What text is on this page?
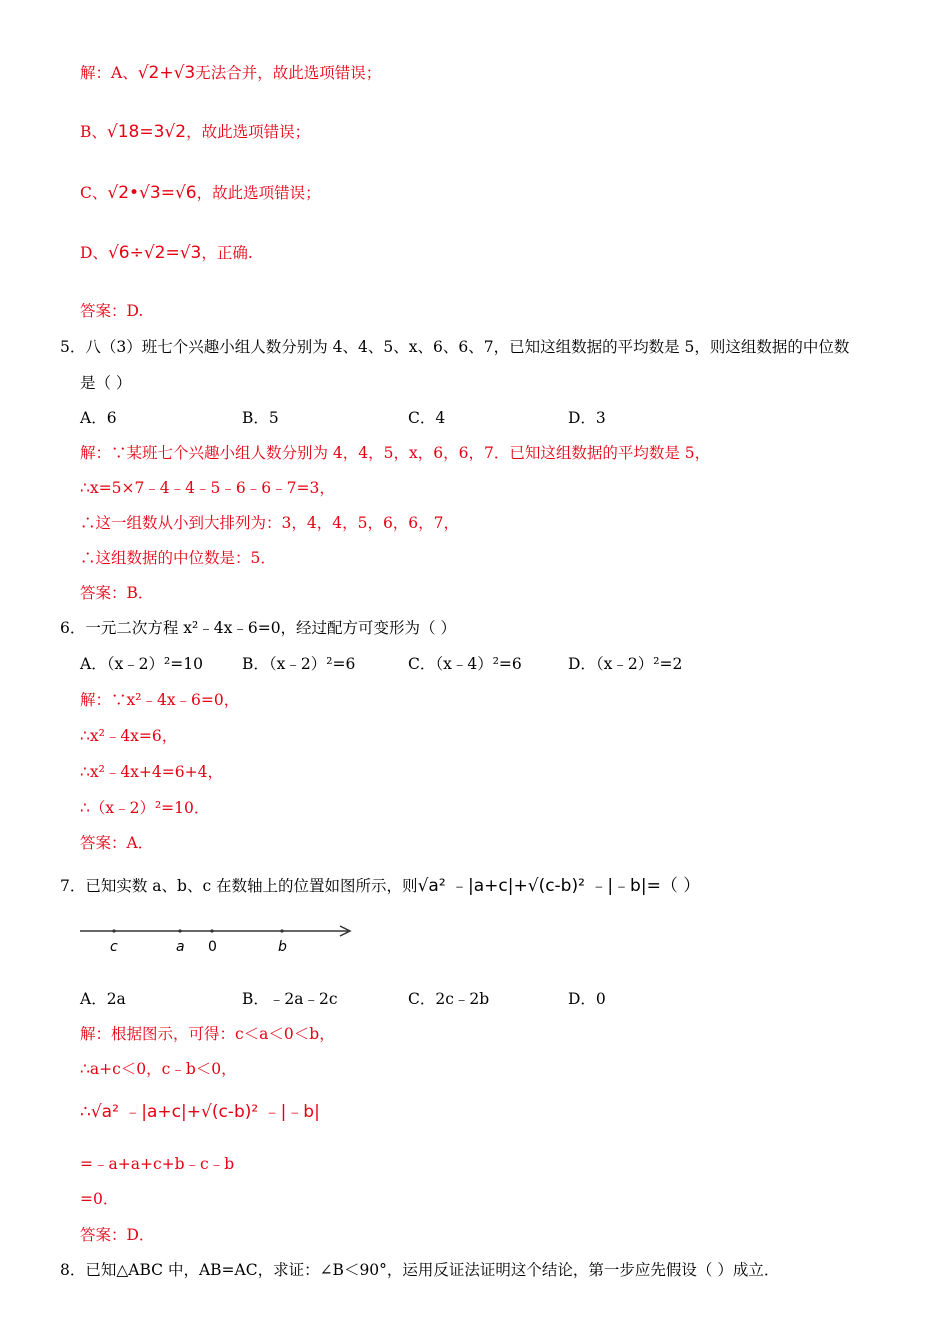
解：A、√2+√3无法合并，故此选项错误；
B、√18=3√2，故此选项错误；
C、√2•√3=√6，故此选项错误；
D、√6÷√2=√3，正确.
答案：D.
5．八（3）班七个兴趣小组人数分别为 4、4、5、x、6、6、7，已知这组数据的平均数是 5，则这组数据的中位数
是（ ）
A．6	B．5	C．4	D．3
解：∵某班七个兴趣小组人数分别为 4，4，5，x，6，6，7．已知这组数据的平均数是 5，
∴x=5×7﹣4﹣4﹣5﹣6﹣6﹣7=3，
∴这一组数从小到大排列为：3，4，4，5，6，6，7，
∴这组数据的中位数是：5．
答案：B．
6．一元二次方程 x²﹣4x﹣6=0，经过配方可变形为（ ）
A．（x﹣2）²=10	B．（x﹣2）²=6	C．（x﹣4）²=6	D．（x﹣2）²=2
解：∵x²﹣4x﹣6=0，
∴x²﹣4x=6，
∴x²﹣4x+4=6+4，
∴（x﹣2）²=10．
答案：A．
7．已知实数 a、b、c 在数轴上的位置如图所示，则√a² ﹣|a+c|+√(c-b)² ﹣|﹣b|=（ ）
c	a 0	b
A．2a	B．﹣2a﹣2c	C．2c﹣2b	D．0
解：根据图示，可得：c＜a＜0＜b，
∴a+c＜0，c﹣b＜0，
∴√a² ﹣|a+c|+√(c-b)² ﹣|﹣b|
=﹣a+a+c+b﹣c﹣b
=0．
答案：D．
8．已知△ABC 中，AB=AC，求证：∠B＜90°，运用反证法证明这个结论，第一步应先假设（ ）成立．
